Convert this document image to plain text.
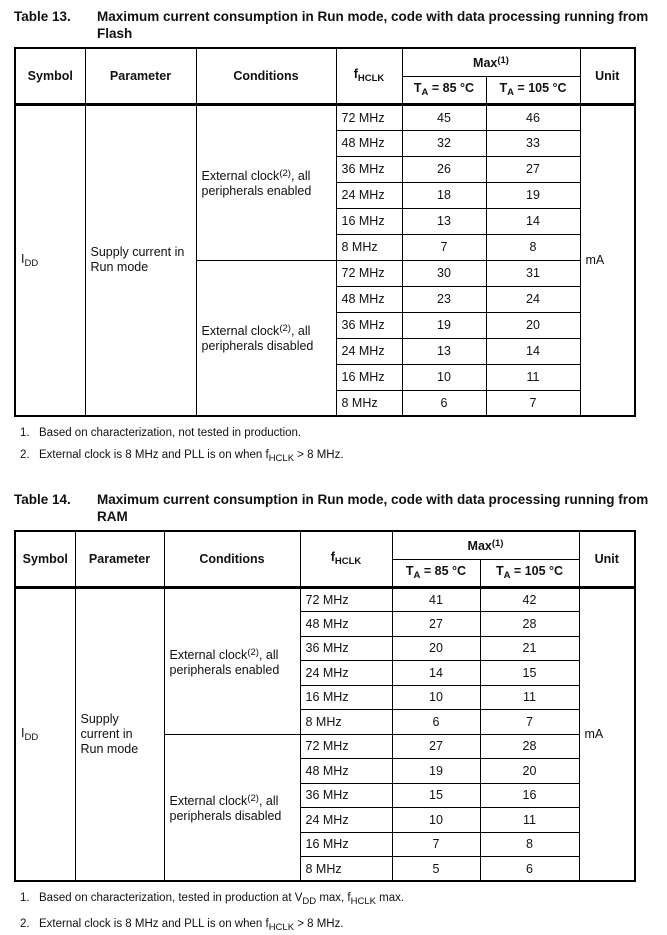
Table 13.	Maximum current consumption in Run mode, code with data processing running from Flash
Symbol	Parameter	Conditions	$f_{HCLK}$	Max$^{(1)}$		Unit
				$T_A = 85$ °C	$T_A = 105$ °C	
$I_{DD}$	Supply current in Run mode	External clock$^{(2)}$, all peripherals enabled	72 MHz	45	46	mA
			48 MHz	32	33	
			36 MHz	26	27	
			24 MHz	18	19	
			16 MHz	13	14	
			8 MHz	7	8	
		External clock$^{(2)}$, all peripherals disabled	72 MHz	30	31	
			48 MHz	23	24	
			36 MHz	19	20	
			24 MHz	13	14	
			16 MHz	10	11	
			8 MHz	6	7	
1. Based on characterization, not tested in production.
2. External clock is 8 MHz and PLL is on when $f_{HCLK} > 8$ MHz.
Table 14.	Maximum current consumption in Run mode, code with data processing running from RAM
Symbol	Parameter	Conditions	$f_{HCLK}$	Max$^{(1)}$		Unit
				$T_A = 85$ °C	$T_A = 105$ °C	
$I_{DD}$	Supply current in Run mode	External clock$^{(2)}$, all peripherals enabled	72 MHz	41	42	mA
			48 MHz	27	28	
			36 MHz	20	21	
			24 MHz	14	15	
			16 MHz	10	11	
			8 MHz	6	7	
		External clock$^{(2)}$, all peripherals disabled	72 MHz	27	28	
			48 MHz	19	20	
			36 MHz	15	16	
			24 MHz	10	11	
			16 MHz	7	8	
			8 MHz	5	6	
1. Based on characterization, tested in production at $V_{DD}$ max, $f_{HCLK}$ max.
2. External clock is 8 MHz and PLL is on when $f_{HCLK} > 8$ MHz.
